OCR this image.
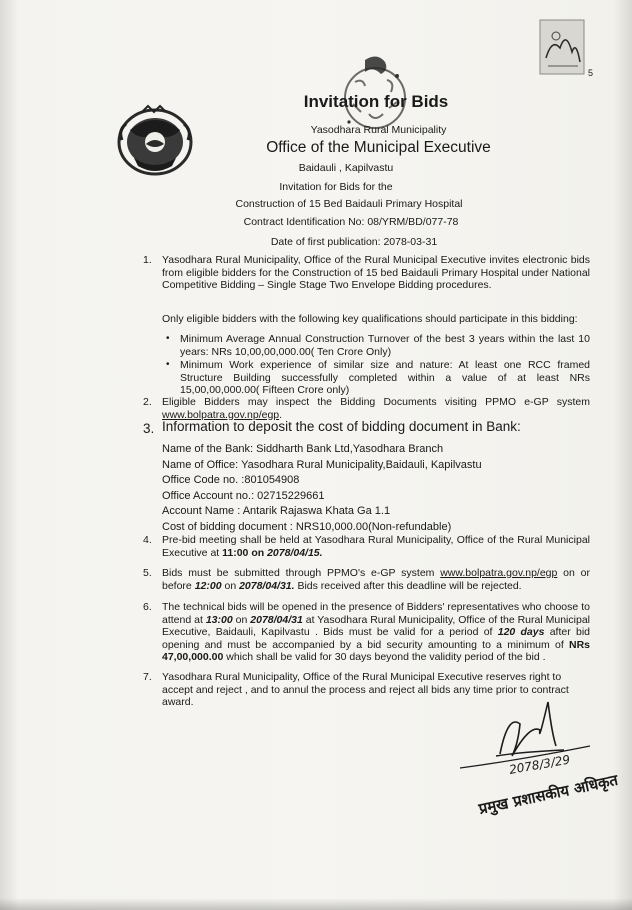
5
Invitation for Bids
Yasodhara Rural Municipality
Office of the Municipal Executive
Baidauli , Kapilvastu
Invitation for Bids for the
Construction of 15 Bed Baidauli Primary Hospital
Contract Identification No: 08/YRM/BD/077-78
Date of first publication: 2078-03-31
1. Yasodhara Rural Municipality, Office of the Rural Municipal Executive invites electronic bids from eligible bidders for the Construction of 15 bed Baidauli Primary Hospital under National Competitive Bidding – Single Stage Two Envelope Bidding procedures.

Only eligible bidders with the following key qualifications should participate in this bidding:
• Minimum Average Annual Construction Turnover of the best 3 years within the last 10 years: NRs 10,00,00,000.00( Ten Crore Only)
• Minimum Work experience of similar size and nature: At least one RCC framed Structure Building successfully completed within a value of at least NRs 15,00,00,000.00( Fifteen Crore only)
2. Eligible Bidders may inspect the Bidding Documents visiting PPMO e-GP system www.bolpatra.gov.np/egp.
3. Information to deposit the cost of bidding document in Bank:
Name of the Bank: Siddharth Bank Ltd,Yasodhara Branch
Name of Office: Yasodhara Rural Municipality,Baidauli, Kapilvastu
Office Code no. :801054908
Office Account no.: 02715229661
Account Name : Antarik Rajaswa Khata Ga 1.1
Cost of bidding document : NRS10,000.00(Non-refundable)
4. Pre-bid meeting shall be held at Yasodhara Rural Municipality, Office of the Rural Municipal Executive at 11:00 on 2078/04/15.
5. Bids must be submitted through PPMO's e-GP system www.bolpatra.gov.np/egp on or before 12:00 on 2078/04/31. Bids received after this deadline will be rejected.
6. The technical bids will be opened in the presence of Bidders' representatives who choose to attend at 13:00 on 2078/04/31 at Yasodhara Rural Municipality, Office of the Rural Municipal Executive, Baidauli, Kapilvastu . Bids must be valid for a period of 120 days after bid opening and must be accompanied by a bid security amounting to a minimum of NRs 47,00,000.00 which shall be valid for 30 days beyond the validity period of the bid .
7. Yasodhara Rural Municipality, Office of the Rural Municipal Executive reserves right to accept and reject , and to annul the process and reject all bids any time prior to contract award.
2078/3/29
प्रमुख प्रशासकीय अधिकृत
